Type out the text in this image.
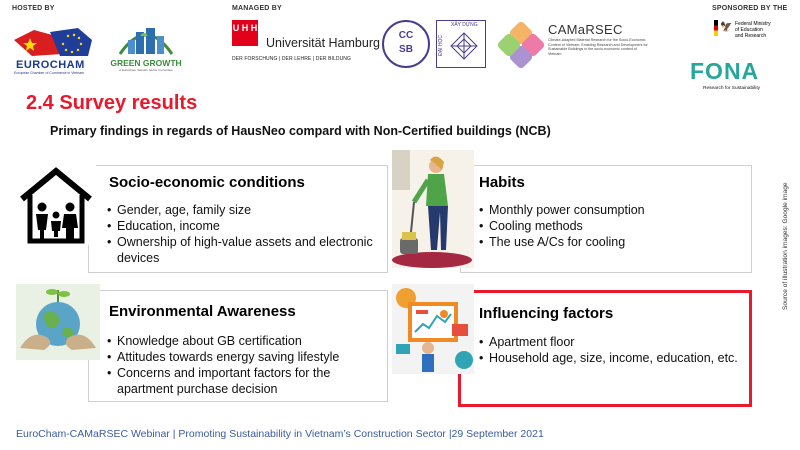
HOSTED BY	MANAGED BY	SPONSORED BY THE
EUROCHAM
European Chamber of Commerce in Vietnam
GREEN GROWTH
A EuroCham Vietnam Sector Committee
U H H
Universität Hamburg
DER FORSCHUNG | DER LEHRE | DER BILDUNG
CC
SB
XÂY DỰNG
ĐẠI HỌC
CAMaRSEC
Climate-Adapted Material Research for the Socio-Economic Context of Vietnam: Enabling Research and Development for Sustainable Buildings in the socio-economic context of Vietnam
🦅 Federal Ministry
of Education
and Research
FONA
Research for Sustainability
2.4 Survey results
Primary findings in regards of HausNeo compard with Non-Certified buildings (NCB)
Socio-economic conditions
• Gender, age, family size
• Education, income
• Ownership of high-value assets and electronic devices
Habits
• Monthly power consumption
• Cooling methods
• The use A/Cs for cooling
Environmental Awareness
• Knowledge about GB certification
• Attitudes towards energy saving lifestyle
• Concerns and important factors for the apartment purchase decision
Influencing factors
• Apartment floor
• Household age, size, income, education, etc.
Source of illustration images: Google image
EuroCham-CAMaRSEC Webinar | Promoting Sustainability in Vietnam’s Construction Sector |29 September 2021
